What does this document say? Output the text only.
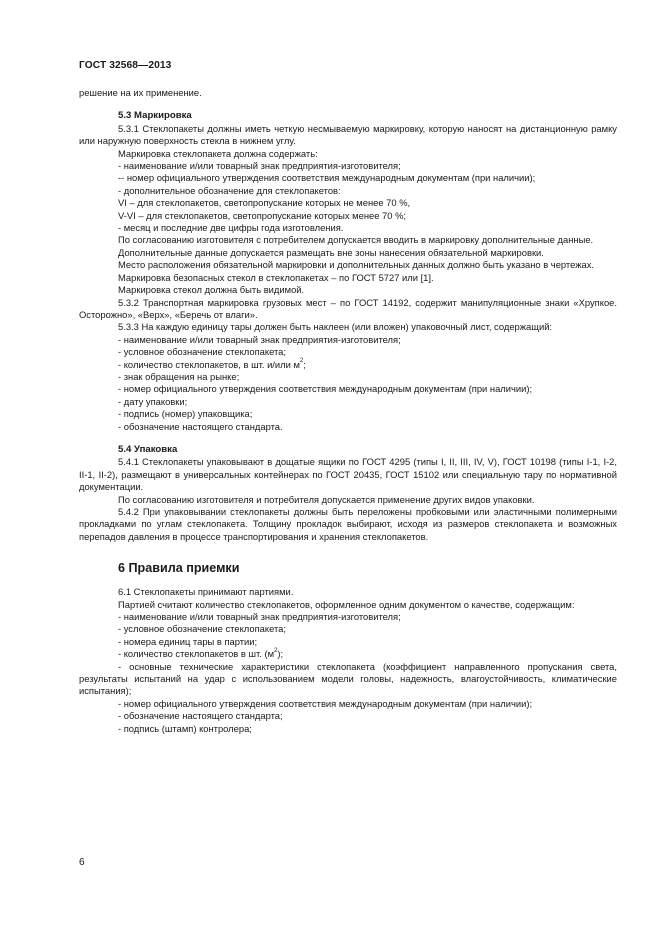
ГОСТ 32568—2013

решение на их применение.

5.3 Маркировка

5.3.1 Стеклопакеты должны иметь четкую несмываемую маркировку, которую наносят на дистанционную рамку или наружную поверхность стекла в нижнем углу.

Маркировка стеклопакета должна содержать:

- наименование и/или товарный знак предприятия-изготовителя;

-- номер официального утверждения соответствия международным документам (при наличии);

- дополнительное обозначение для стеклопакетов:

VI – для стеклопакетов, светопропускание которых не менее 70 %,

V-VI – для стеклопакетов, светопропускание которых менее 70 %;

- месяц и последние две цифры года изготовления.

По согласованию изготовителя с потребителем допускается вводить в маркировку дополнительные данные.

Дополнительные данные допускается размещать вне зоны нанесения обязательной маркировки.

Место расположения обязательной маркировки и дополнительных данных должно быть указано в чертежах.

Маркировка безопасных стекол в стеклопакетах – по ГОСТ 5727 или [1].

Маркировка стекол должна быть видимой.

5.3.2 Транспортная маркировка грузовых мест – по ГОСТ 14192, содержит манипуляционные знаки «Хрупкое. Осторожно», «Верх», «Беречь от влаги».

5.3.3 На каждую единицу тары должен быть наклеен (или вложен) упаковочный лист, содержащий:

- наименование и/или товарный знак предприятия-изготовителя;

- условное обозначение стеклопакета;

- количество стеклопакетов, в шт. и/или $м^2$;

- знак обращения на рынке;

- номер официального утверждения соответствия международным документам (при наличии);

- дату упаковки;

- подпись (номер) упаковщика;

- обозначение настоящего стандарта.

5.4 Упаковка

5.4.1 Стеклопакеты упаковывают в дощатые ящики по ГОСТ 4295 (типы I, II, III, IV, V), ГОСТ 10198 (типы I-1, I-2, II-1, II-2), размещают в универсальных контейнерах по ГОСТ 20435, ГОСТ 15102 или специальную тару по нормативной документации.

По согласованию изготовителя и потребителя допускается применение других видов упаковки.

5.4.2 При упаковывании стеклопакеты должны быть переложены пробковыми или эластичными полимерными прокладками по углам стеклопакета. Толщину прокладок выбирают, исходя из размеров стеклопакета и возможных перепадов давления в процессе транспортирования и хранения стеклопакетов.

6 Правила приемки

6.1 Стеклопакеты принимают партиями.

Партией считают количество стеклопакетов, оформленное одним документом о качестве, содержащим:

- наименование и/или товарный знак предприятия-изготовителя;

- условное обозначение стеклопакета;

- номера единиц тары в партии;

- количество стеклопакетов в шт. $(м^2)$;

- основные технические характеристики стеклопакета (коэффициент направленного пропускания света, результаты испытаний на удар с использованием модели головы, надежность, влагоустойчивость, климатические испытания);

- номер официального утверждения соответствия международным документам (при наличии);

- обозначение настоящего стандарта;

- подпись (штамп) контролера;

6
